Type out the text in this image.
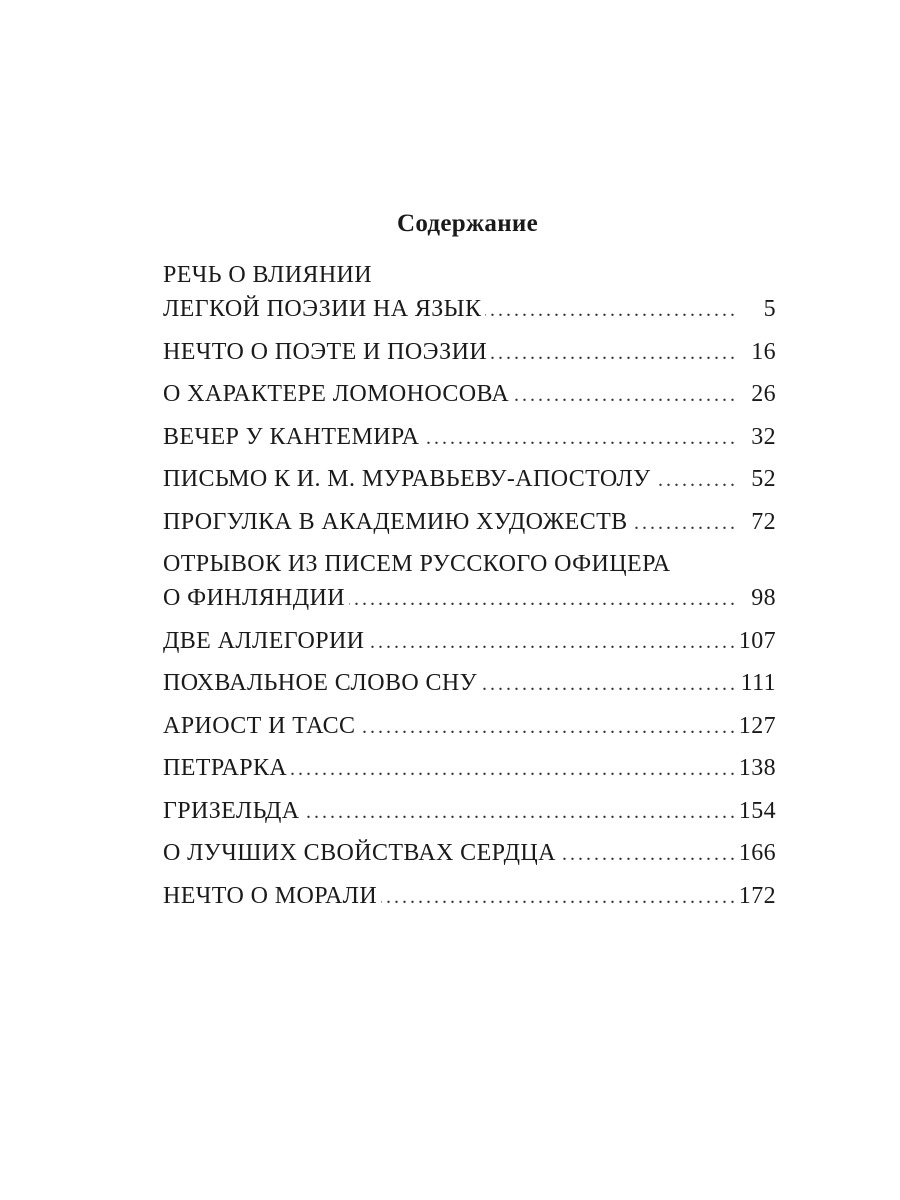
Содержание
РЕЧЬ О ВЛИЯНИИ
ЛЕГКОЙ ПОЭЗИИ НА ЯЗЫК . . .	5
НЕЧТО О ПОЭТЕ И ПОЭЗИИ . . .	16
О ХАРАКТЕРЕ ЛОМОНОСОВА . . .	26
ВЕЧЕР У КАНТЕМИРА . . .	32
ПИСЬМО К И. М. МУРАВЬЕВУ-АПОСТОЛУ . . .	52
ПРОГУЛКА В АКАДЕМИЮ ХУДОЖЕСТВ . . .	72
ОТРЫВОК ИЗ ПИСЕМ РУССКОГО ОФИЦЕРА
О ФИНЛЯНДИИ . . .	98
ДВЕ АЛЛЕГОРИИ . . .	107
ПОХВАЛЬНОЕ СЛОВО СНУ . . .	111
АРИОСТ И ТАСС . . .	127
ПЕТРАРКА . . .	138
ГРИЗЕЛЬДА . . .	154
О ЛУЧШИХ СВОЙСТВАХ СЕРДЦА . . .	166
НЕЧТО О МОРАЛИ . . .	172
